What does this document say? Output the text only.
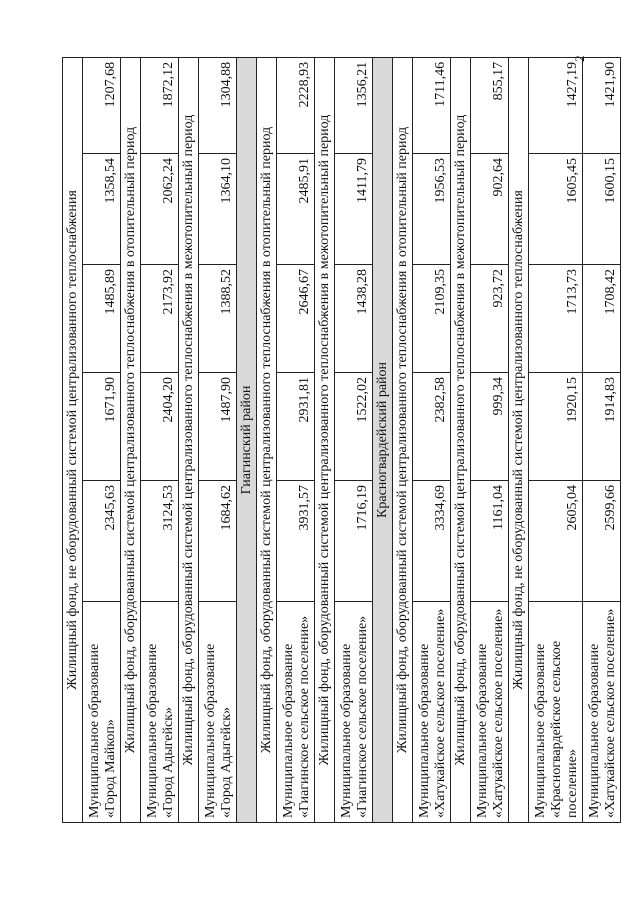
2
Жилищный фонд, не оборудованный системой централизованного теплоснабжения					
Муниципальное образование «Город Майкоп»	2345,63	1671,90	1485,89	1358,54	1207,68
Жилищный фонд, оборудованный системой централизованного теплоснабжения в отопительный период					
Муниципальное образование «Город Адыгейск»	3124,53	2404,20	2173,92	2062,24	1872,12
Жилищный фонд, оборудованный системой централизованного теплоснабжения в межотопительный период					
Муниципальное образование «Город Адыгейск»	1684,62	1487,90	1388,52	1364,10	1304,88
Гиагинский район					
Жилищный фонд, оборудованный системой централизованного теплоснабжения в отопительный период					
Муниципальное образование «Гиагинское сельское поселение»	3931,57	2931,81	2646,67	2485,91	2228,93
Жилищный фонд, оборудованный системой централизованного теплоснабжения в межотопительный период					
Муниципальное образование «Гиагинское сельское поселение»	1716,19	1522,02	1438,28	1411,79	1356,21
Красногвардейский район					
Жилищный фонд, оборудованный системой централизованного теплоснабжения в отопительный период					
Муниципальное образование «Хатукайское сельское поселение»	3334,69	2382,58	2109,35	1956,53	1711,46
Жилищный фонд, оборудованный системой централизованного теплоснабжения в межотопительный период					
Муниципальное образование «Хатукайское сельское поселение»	1161,04	999,34	923,72	902,64	855,17
Жилищный фонд, не оборудованный системой централизованного теплоснабжения					
Муниципальное образование «Красногвардейское сельское поселение»	2605,04	1920,15	1713,73	1605,45	1427,19
Муниципальное образование «Хатукайское сельское поселение»	2599,66	1914,83	1708,42	1600,15	1421,90
